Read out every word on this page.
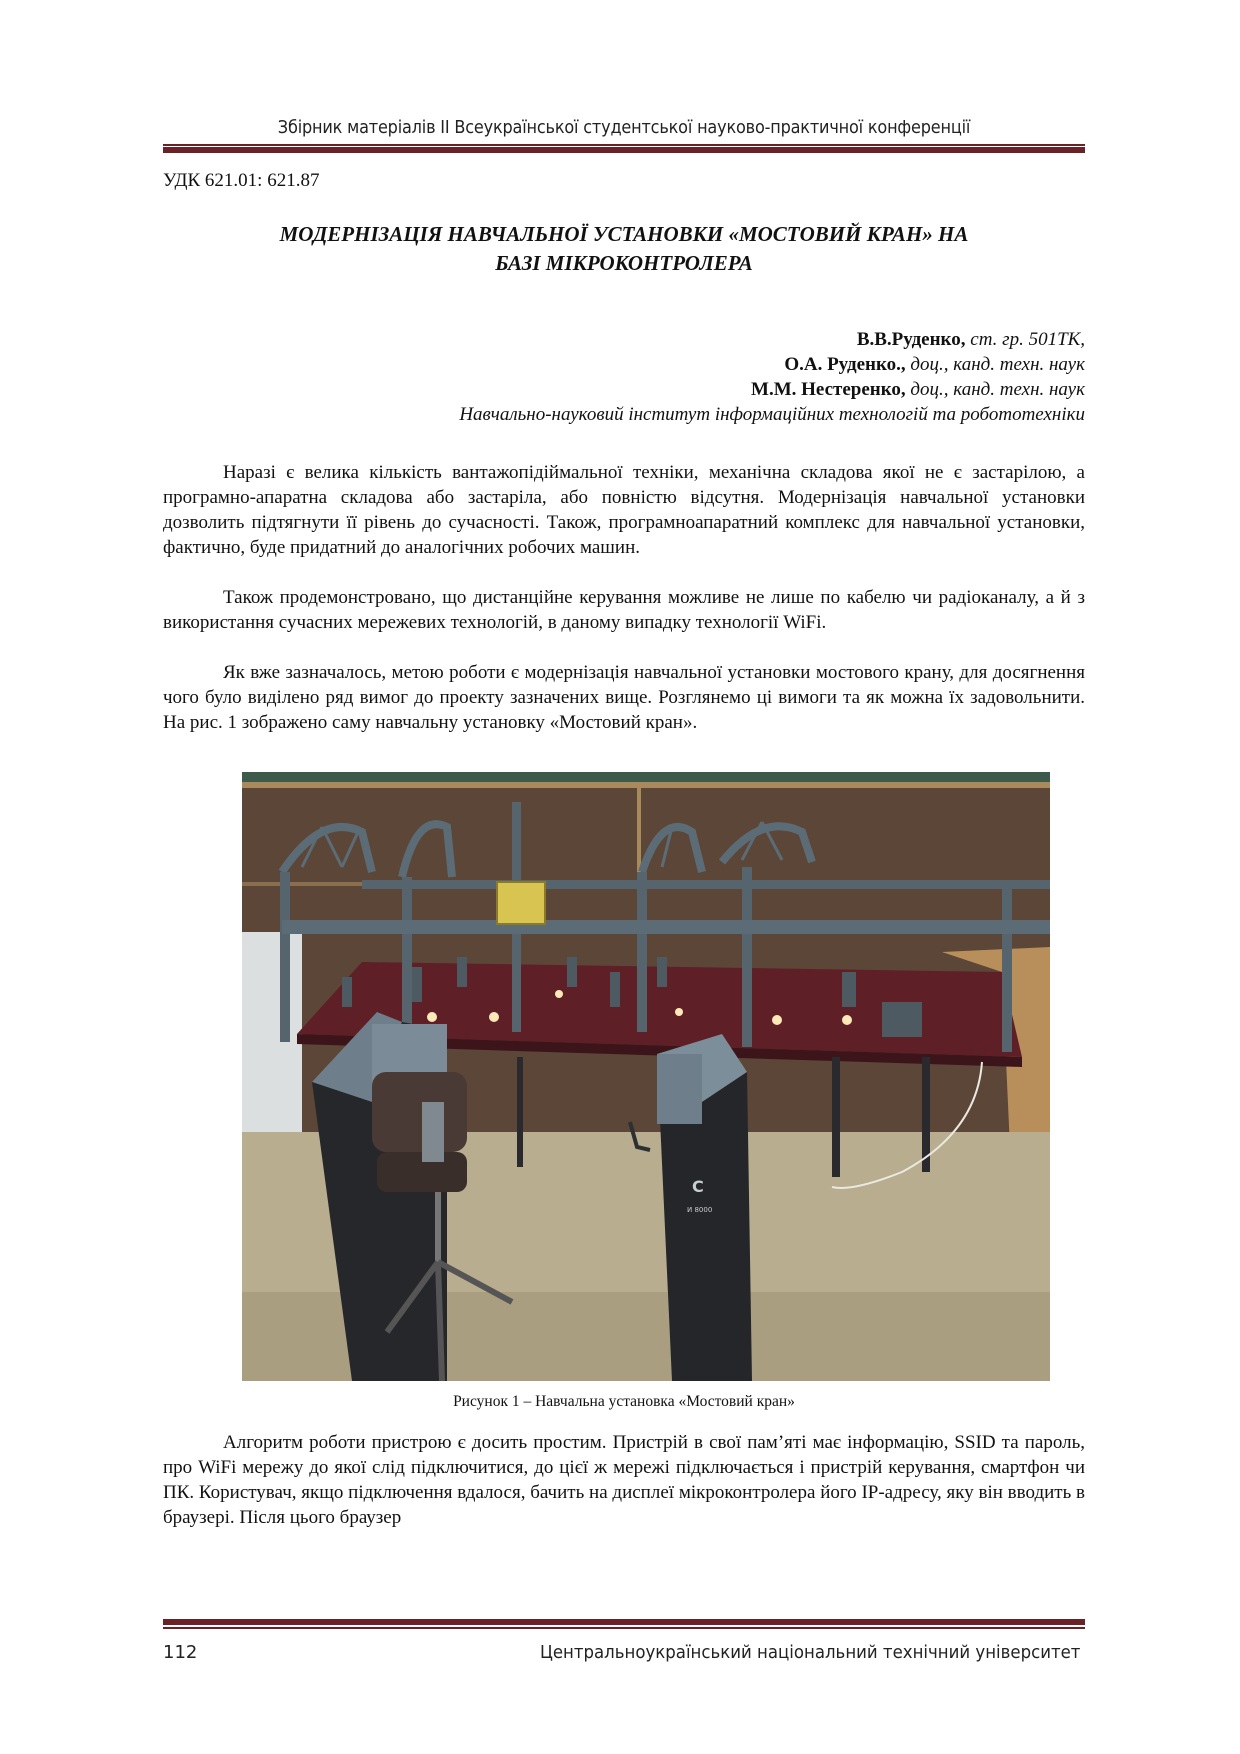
Збірник матеріалів II Всеукраїнської студентської науково-практичної конференції
УДК 621.01: 621.87
МОДЕРНІЗАЦІЯ НАВЧАЛЬНОЇ УСТАНОВКИ «МОСТОВИЙ КРАН» НА
БАЗІ МІКРОКОНТРОЛЕРА
В.В.Руденко, ст. гр. 501ТК,
О.А. Руденко., доц., канд. техн. наук
М.М. Нестеренко, доц., канд. техн. наук
Навчально-науковий інститут інформаційних технологій та робототехніки

Наразі є велика кількість вантажопідіймальної техніки, механічна складова якої не є застарілою, а програмно-апаратна складова або застаріла, або повністю відсутня. Модернізація навчальної установки дозволить підтягнути її рівень до сучасності. Також, програмноапаратний комплекс для навчальної установки, фактично, буде придатний до аналогічних робочих машин.

Також продемонстровано, що дистанційне керування можливе не лише по кабелю чи радіоканалу, а й з використання сучасних мережевих технологій, в даному випадку технології WiFi.

Як вже зазначалось, метою роботи є модернізація навчальної установки мостового крану, для досягнення чого було виділено ряд вимог до проекту зазначених вище. Розглянемо ці вимоги та як можна їх задовольнити. На рис. 1 зображено саму навчальну установку «Мостовий кран».

C
И 8000
Рисунок 1 – Навчальна установка «Мостовий кран»

Алгоритм роботи пристрою є досить простим. Пристрій в свої пам’яті має інформацію, SSID та пароль, про WiFi мережу до якої слід підключитися, до цієї ж мережі підключається і пристрій керування, смартфон чи ПК. Користувач, якщо підключення вдалося, бачить на дисплеї мікроконтролера його IP-адресу, яку він вводить в браузері. Після цього браузер

112	Центральноукраїнський національний технічний університет
